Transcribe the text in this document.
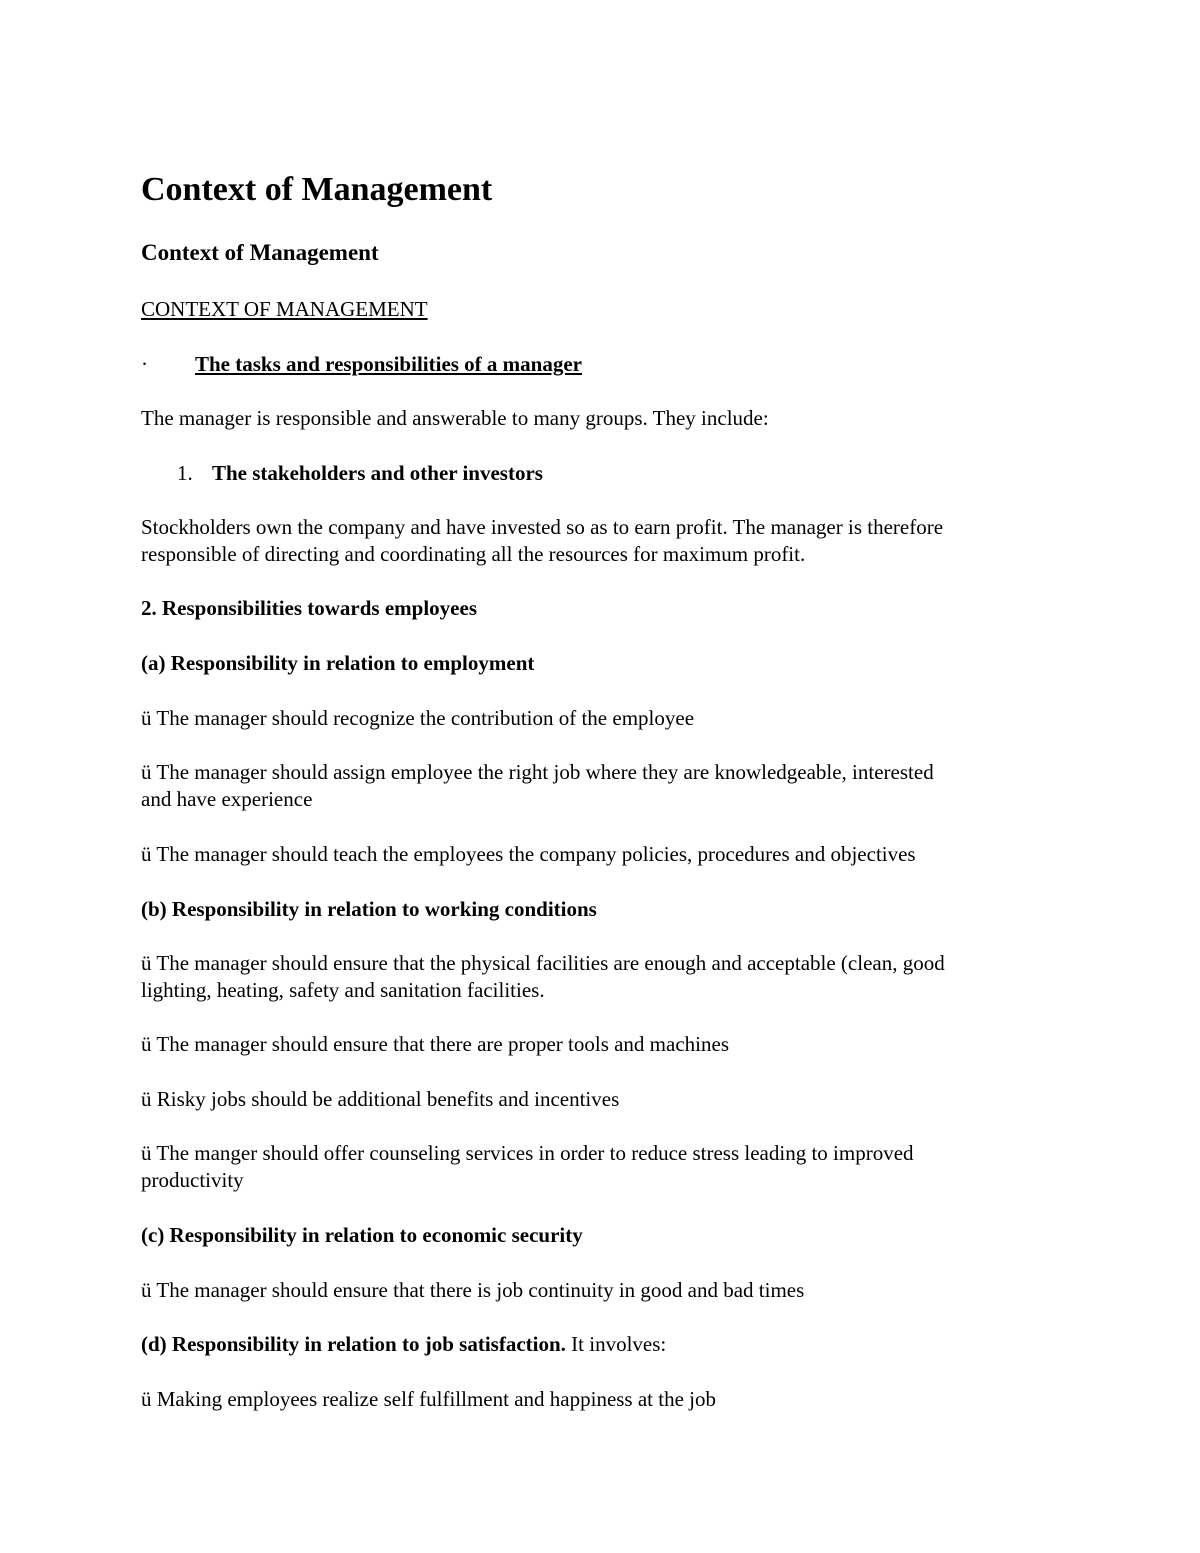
Context of Management
Context of Management
CONTEXT OF MANAGEMENT
· The tasks and responsibilities of a manager
The manager is responsible and answerable to many groups. They include:
1. The stakeholders and other investors
Stockholders own the company and have invested so as to earn profit. The manager is therefore
responsible of directing and coordinating all the resources for maximum profit.
2. Responsibilities towards employees
(a) Responsibility in relation to employment
ü The manager should recognize the contribution of the employee
ü The manager should assign employee the right job where they are knowledgeable, interested
and have experience
ü The manager should teach the employees the company policies, procedures and objectives
(b) Responsibility in relation to working conditions
ü The manager should ensure that the physical facilities are enough and acceptable (clean, good
lighting, heating, safety and sanitation facilities.
ü The manager should ensure that there are proper tools and machines
ü Risky jobs should be additional benefits and incentives
ü The manger should offer counseling services in order to reduce stress leading to improved
productivity
(c) Responsibility in relation to economic security
ü The manager should ensure that there is job continuity in good and bad times
(d) Responsibility in relation to job satisfaction. It involves:
ü Making employees realize self fulfillment and happiness at the job
